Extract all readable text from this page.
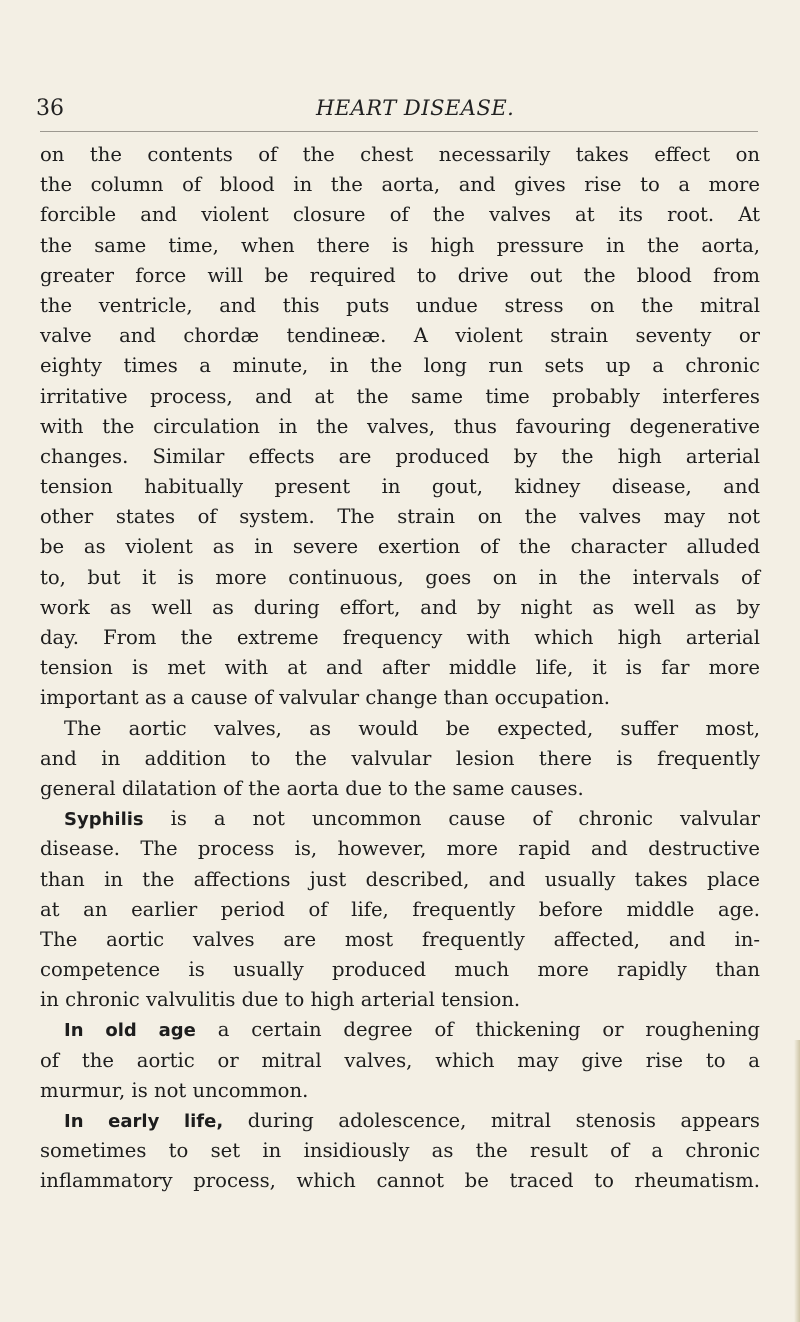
36	HEART DISEASE.
on the contents of the chest necessarily takes effect on
the column of blood in the aorta, and gives rise to a more
forcible and violent closure of the valves at its root. At
the same time, when there is high pressure in the aorta,
greater force will be required to drive out the blood from
the ventricle, and this puts undue stress on the mitral
valve and chordæ tendineæ. A violent strain seventy or
eighty times a minute, in the long run sets up a chronic
irritative process, and at the same time probably interferes
with the circulation in the valves, thus favouring degenerative
changes. Similar effects are produced by the high arterial
tension habitually present in gout, kidney disease, and
other states of system. The strain on the valves may not
be as violent as in severe exertion of the character alluded
to, but it is more continuous, goes on in the intervals of
work as well as during effort, and by night as well as by
day. From the extreme frequency with which high arterial
tension is met with at and after middle life, it is far more
important as a cause of valvular change than occupation.
The aortic valves, as would be expected, suffer most,
and in addition to the valvular lesion there is frequently
general dilatation of the aorta due to the same causes.
Syphilis is a not uncommon cause of chronic valvular
disease. The process is, however, more rapid and destructive
than in the affections just described, and usually takes place
at an earlier period of life, frequently before middle age.
The aortic valves are most frequently affected, and in-
competence is usually produced much more rapidly than
in chronic valvulitis due to high arterial tension.
In old age a certain degree of thickening or roughening
of the aortic or mitral valves, which may give rise to a
murmur, is not uncommon.
In early life, during adolescence, mitral stenosis appears
sometimes to set in insidiously as the result of a chronic
inflammatory process, which cannot be traced to rheumatism.
